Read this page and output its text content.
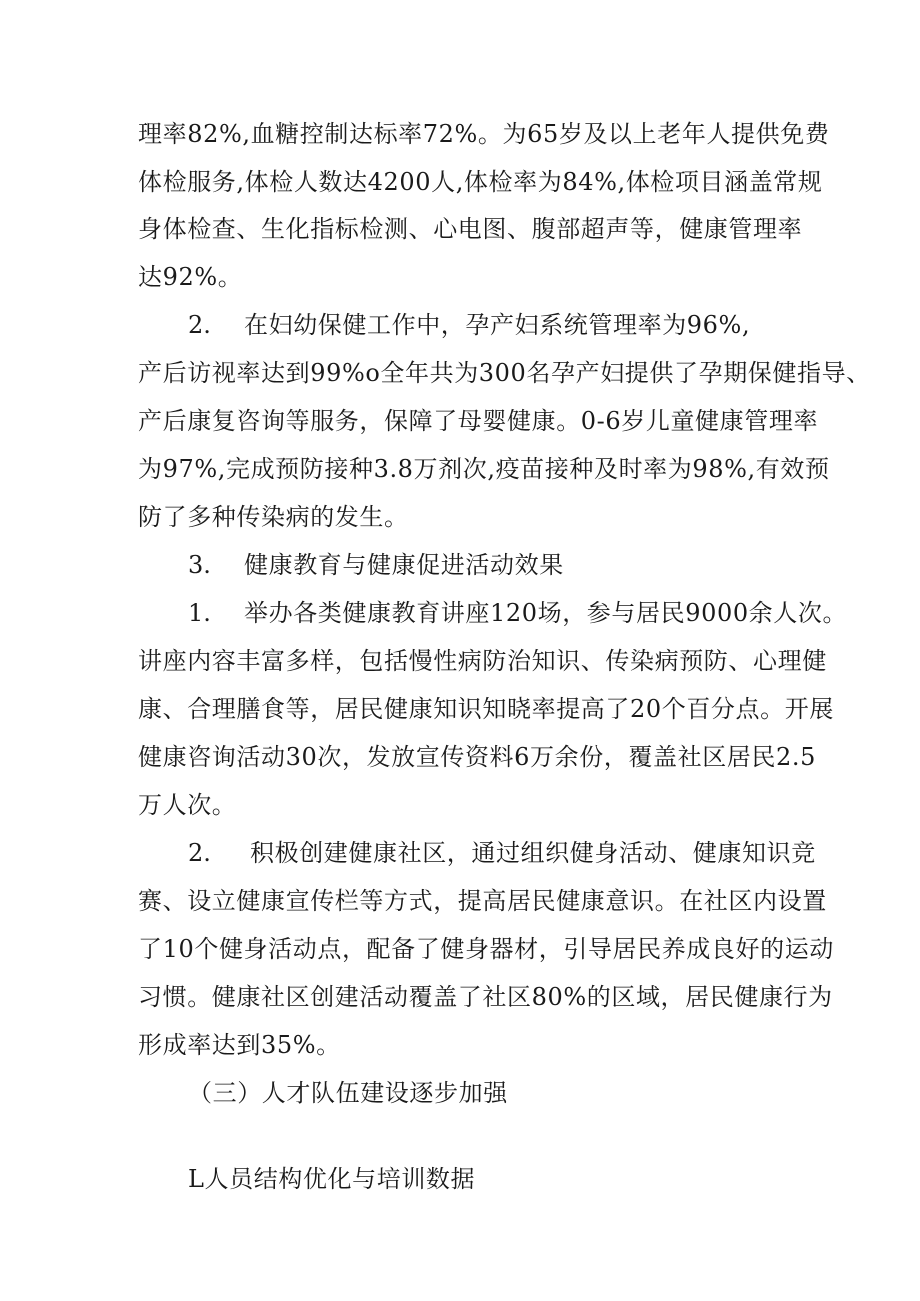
理率82%,血糖控制达标率72%。为65岁及以上老年人提供免费
体检服务,体检人数达4200人,体检率为84%,体检项目涵盖常规
身体检查、生化指标检测、心电图、腹部超声等，健康管理率
达92%。
2. 在妇幼保健工作中，孕产妇系统管理率为96%,
产后访视率达到99%o全年共为300名孕产妇提供了孕期保健指导、
产后康复咨询等服务，保障了母婴健康。0-6岁儿童健康管理率
为97%,完成预防接种3.8万剂次,疫苗接种及时率为98%,有效预
防了多种传染病的发生。
3. 健康教育与健康促进活动效果
1. 举办各类健康教育讲座120场，参与居民9000余人次。
讲座内容丰富多样，包括慢性病防治知识、传染病预防、心理健
康、合理膳食等，居民健康知识知晓率提高了20个百分点。开展
健康咨询活动30次，发放宣传资料6万余份，覆盖社区居民2.5
万人次。
2. 积极创建健康社区，通过组织健身活动、健康知识竞
赛、设立健康宣传栏等方式，提高居民健康意识。在社区内设置
了10个健身活动点，配备了健身器材，引导居民养成良好的运动
习惯。健康社区创建活动覆盖了社区80%的区域，居民健康行为
形成率达到35%。
（三）人才队伍建设逐步加强
L人员结构优化与培训数据
